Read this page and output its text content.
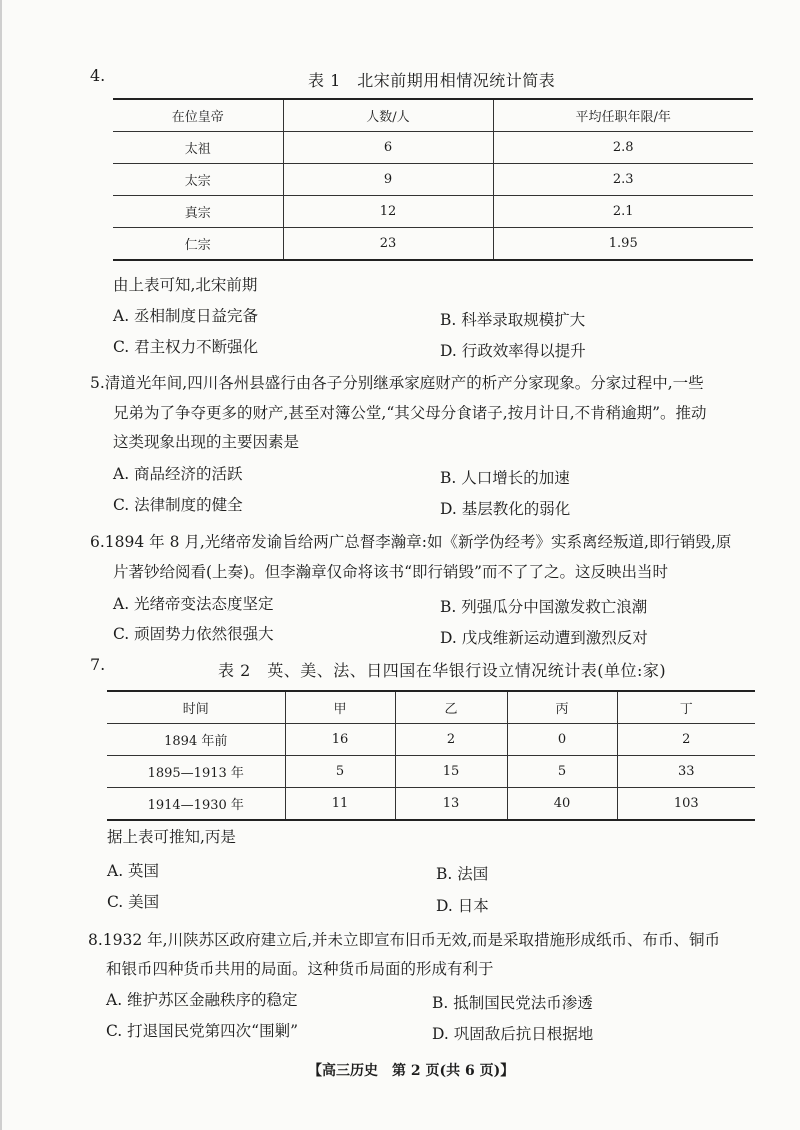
4.	表 1　北宋前期用相情况统计简表
在位皇帝	人数/人	平均任职年限/年
太祖	6	2.8
太宗	9	2.3
真宗	12	2.1
仁宗	23	1.95
由上表可知,北宋前期
A. 丞相制度日益完备	B. 科举录取规模扩大
C. 君主权力不断强化	D. 行政效率得以提升
5.清道光年间,四川各州县盛行由各子分别继承家庭财产的析产分家现象。分家过程中,一些
兄弟为了争夺更多的财产,甚至对簿公堂,“其父母分食诸子,按月计日,不肯稍逾期”。推动
这类现象出现的主要因素是
A. 商品经济的活跃	B. 人口增长的加速
C. 法律制度的健全	D. 基层教化的弱化
6.1894 年 8 月,光绪帝发谕旨给两广总督李瀚章:如《新学伪经考》实系离经叛道,即行销毁,原
片著钞给阅看(上奏)。但李瀚章仅命将该书“即行销毁”而不了了之。这反映出当时
A. 光绪帝变法态度坚定	B. 列强瓜分中国激发救亡浪潮
C. 顽固势力依然很强大	D. 戊戌维新运动遭到激烈反对
7.	表 2　英、美、法、日四国在华银行设立情况统计表(单位:家)
时间	甲	乙	丙	丁
1894 年前	16	2	0	2
1895—1913 年	5	15	5	33
1914—1930 年	11	13	40	103
据上表可推知,丙是
A. 英国	B. 法国
C. 美国	D. 日本
8.1932 年,川陕苏区政府建立后,并未立即宣布旧币无效,而是采取措施形成纸币、布币、铜币
和银币四种货币共用的局面。这种货币局面的形成有利于
A. 维护苏区金融秩序的稳定	B. 抵制国民党法币渗透
C. 打退国民党第四次“围剿”	D. 巩固敌后抗日根据地
【高三历史　第 2 页(共 6 页)】
